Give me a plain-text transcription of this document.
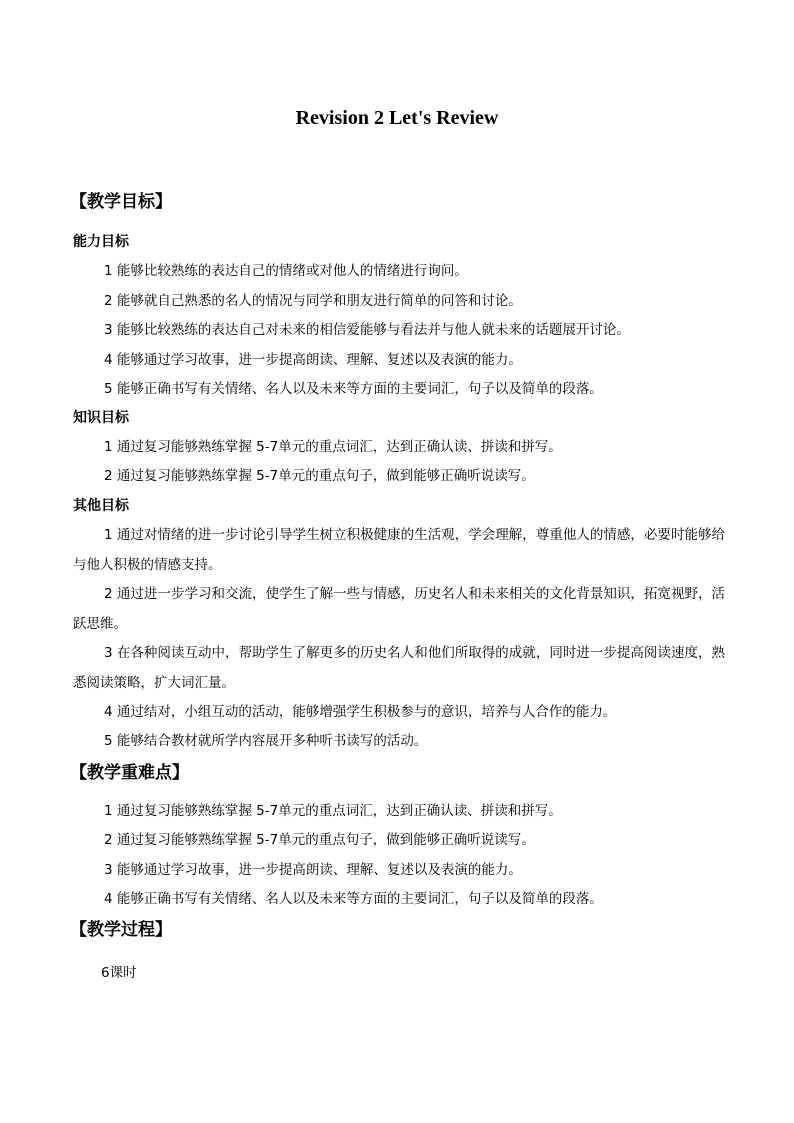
Revision 2 Let's Review
【教学目标】
能力目标
1 能够比较熟练的表达自己的情绪或对他人的情绪进行询问。
2 能够就自己熟悉的名人的情况与同学和朋友进行简单的问答和讨论。
3 能够比较熟练的表达自己对未来的相信爱能够与看法并与他人就未来的话题展开讨论。
4 能够通过学习故事，进一步提高朗读、理解、复述以及表演的能力。
5 能够正确书写有关情绪、名人以及未来等方面的主要词汇，句子以及简单的段落。
知识目标
1 通过复习能够熟练掌握 5-7单元的重点词汇，达到正确认读、拼读和拼写。
2 通过复习能够熟练掌握 5-7单元的重点句子，做到能够正确听说读写。
其他目标
1 通过对情绪的进一步讨论引导学生树立积极健康的生活观，学会理解，尊重他人的情感，必要时能够给与他人积极的情感支持。
2 通过进一步学习和交流，使学生了解一些与情感，历史名人和未来相关的文化背景知识，拓宽视野，活跃思维。
3 在各种阅读互动中，帮助学生了解更多的历史名人和他们所取得的成就，同时进一步提高阅读速度，熟悉阅读策略，扩大词汇量。
4 通过结对，小组互动的活动，能够增强学生积极参与的意识，培养与人合作的能力。
5 能够结合教材就所学内容展开多种听书读写的活动。
【教学重难点】
1 通过复习能够熟练掌握 5-7单元的重点词汇，达到正确认读、拼读和拼写。
2 通过复习能够熟练掌握 5-7单元的重点句子，做到能够正确听说读写。
3 能够通过学习故事，进一步提高朗读、理解、复述以及表演的能力。
4 能够正确书写有关情绪、名人以及未来等方面的主要词汇，句子以及简单的段落。
【教学过程】
6课时
